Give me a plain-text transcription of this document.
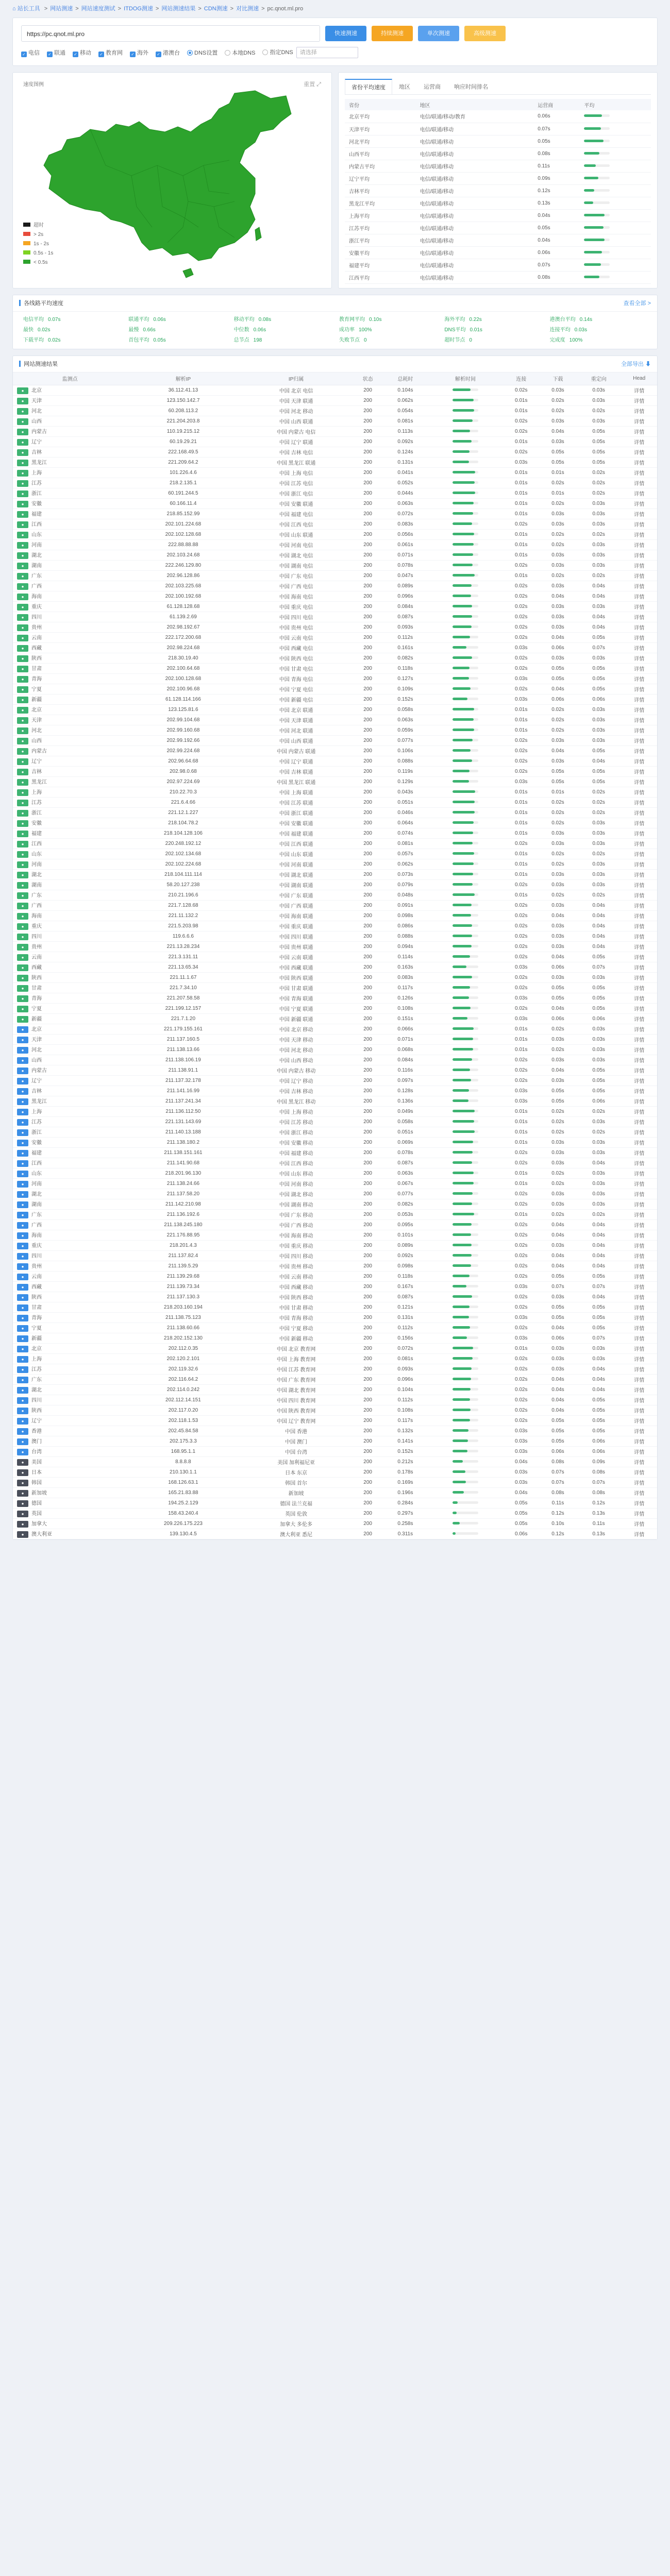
⌂ 站长工具 > 网站测速 > 网站速度测试 > ITDOG测速 > 网站测速结果 > CDN测速 > 对比测速 > pc.qnot.ml.pro
https://pc.qnot.ml.pro	快速测速	持续测速	单次测速	高级测速
✓ 电信 ✓ 联通 ✓ 移动 ✓ 教育网 ✓ 海外 ✓ 港澳台	DNS设置	本地DNS	指定DNS 请选择
速度图例	重置 ⤢
超时
> 2s
1s - 2s
0.5s - 1s
< 0.5s
省份平均速度	地区	运营商	响应时间排名
省份	地区	运营商	平均
北京平均	电信/联通/移动/教育	0.06s	

天津平均	电信/联通/移动	0.07s	

河北平均	电信/联通/移动	0.05s	

山西平均	电信/联通/移动	0.08s	

内蒙古平均	电信/联通/移动	0.11s	

辽宁平均	电信/联通/移动	0.09s	

吉林平均	电信/联通/移动	0.12s	

黑龙江平均	电信/联通/移动	0.13s	

上海平均	电信/联通/移动	0.04s	

江苏平均	电信/联通/移动	0.05s	

浙江平均	电信/联通/移动	0.04s	

安徽平均	电信/联通/移动	0.06s	

福建平均	电信/联通/移动	0.07s	

江西平均	电信/联通/移动	0.08s	
各线路平均速度	查看全部 >
电信平均 0.07s	联通平均 0.06s	移动平均 0.08s	教育网平均 0.10s	海外平均 0.22s	港澳台平均 0.14s
最快 0.02s	最慢 0.66s	中位数 0.06s	成功率 100%	DNS平均 0.01s	连接平均 0.03s
下载平均 0.02s	首包平均 0.05s	总节点 198	失败节点 0	超时节点 0	完成度 100%
网站测速结果	全部导出 ⬇
监测点	解析IP	IP归属	状态	总耗时	解析时间	连接	下载	重定向	Head
● 北京	36.112.41.13	中国 北京 电信	200	0.104s		0.02s	0.03s	0.03s	详情
● 天津	123.150.142.7	中国 天津 联通	200	0.062s		0.01s	0.02s	0.03s	详情
● 河北	60.208.113.2	中国 河北 移动	200	0.054s		0.01s	0.02s	0.02s	详情
● 山西	221.204.203.8	中国 山西 联通	200	0.081s		0.02s	0.03s	0.03s	详情
● 内蒙古	110.19.215.12	中国 内蒙古 电信	200	0.113s		0.02s	0.04s	0.05s	详情
● 辽宁	60.19.29.21	中国 辽宁 联通	200	0.092s		0.01s	0.03s	0.05s	详情
● 吉林	222.168.49.5	中国 吉林 电信	200	0.124s		0.02s	0.05s	0.05s	详情
● 黑龙江	221.209.64.2	中国 黑龙江 联通	200	0.131s		0.03s	0.05s	0.05s	详情
● 上海	101.226.4.6	中国 上海 电信	200	0.041s		0.01s	0.01s	0.02s	详情
● 江苏	218.2.135.1	中国 江苏 电信	200	0.052s		0.01s	0.02s	0.02s	详情
● 浙江	60.191.244.5	中国 浙江 电信	200	0.044s		0.01s	0.01s	0.02s	详情
● 安徽	60.166.11.4	中国 安徽 联通	200	0.063s		0.01s	0.02s	0.03s	详情
● 福建	218.85.152.99	中国 福建 电信	200	0.072s		0.01s	0.03s	0.03s	详情
● 江西	202.101.224.68	中国 江西 电信	200	0.083s		0.02s	0.03s	0.03s	详情
● 山东	202.102.128.68	中国 山东 联通	200	0.056s		0.01s	0.02s	0.02s	详情
● 河南	222.88.88.88	中国 河南 电信	200	0.061s		0.01s	0.02s	0.03s	详情
● 湖北	202.103.24.68	中国 湖北 电信	200	0.071s		0.01s	0.03s	0.03s	详情
● 湖南	222.246.129.80	中国 湖南 电信	200	0.078s		0.02s	0.03s	0.03s	详情
● 广东	202.96.128.86	中国 广东 电信	200	0.047s		0.01s	0.02s	0.02s	详情
● 广西	202.103.225.68	中国 广西 电信	200	0.089s		0.02s	0.03s	0.04s	详情
● 海南	202.100.192.68	中国 海南 电信	200	0.096s		0.02s	0.04s	0.04s	详情
● 重庆	61.128.128.68	中国 重庆 电信	200	0.084s		0.02s	0.03s	0.03s	详情
● 四川	61.139.2.69	中国 四川 电信	200	0.087s		0.02s	0.03s	0.04s	详情
● 贵州	202.98.192.67	中国 贵州 电信	200	0.093s		0.02s	0.03s	0.04s	详情
● 云南	222.172.200.68	中国 云南 电信	200	0.112s		0.02s	0.04s	0.05s	详情
● 西藏	202.98.224.68	中国 西藏 电信	200	0.161s		0.03s	0.06s	0.07s	详情
● 陕西	218.30.19.40	中国 陕西 电信	200	0.082s		0.02s	0.03s	0.03s	详情
● 甘肃	202.100.64.68	中国 甘肃 电信	200	0.118s		0.02s	0.05s	0.05s	详情
● 青海	202.100.128.68	中国 青海 电信	200	0.127s		0.03s	0.05s	0.05s	详情
● 宁夏	202.100.96.68	中国 宁夏 电信	200	0.109s		0.02s	0.04s	0.05s	详情
● 新疆	61.128.114.166	中国 新疆 电信	200	0.152s		0.03s	0.06s	0.06s	详情
● 北京	123.125.81.6	中国 北京 联通	200	0.058s		0.01s	0.02s	0.03s	详情
● 天津	202.99.104.68	中国 天津 联通	200	0.063s		0.01s	0.02s	0.03s	详情
● 河北	202.99.160.68	中国 河北 联通	200	0.059s		0.01s	0.02s	0.03s	详情
● 山西	202.99.192.66	中国 山西 联通	200	0.077s		0.02s	0.03s	0.03s	详情
● 内蒙古	202.99.224.68	中国 内蒙古 联通	200	0.106s		0.02s	0.04s	0.05s	详情
● 辽宁	202.96.64.68	中国 辽宁 联通	200	0.088s		0.02s	0.03s	0.04s	详情
● 吉林	202.98.0.68	中国 吉林 联通	200	0.119s		0.02s	0.05s	0.05s	详情
● 黑龙江	202.97.224.69	中国 黑龙江 联通	200	0.129s		0.03s	0.05s	0.05s	详情
● 上海	210.22.70.3	中国 上海 联通	200	0.043s		0.01s	0.01s	0.02s	详情
● 江苏	221.6.4.66	中国 江苏 联通	200	0.051s		0.01s	0.02s	0.02s	详情
● 浙江	221.12.1.227	中国 浙江 联通	200	0.046s		0.01s	0.02s	0.02s	详情
● 安徽	218.104.78.2	中国 安徽 联通	200	0.064s		0.01s	0.02s	0.03s	详情
● 福建	218.104.128.106	中国 福建 联通	200	0.074s		0.01s	0.03s	0.03s	详情
● 江西	220.248.192.12	中国 江西 联通	200	0.081s		0.02s	0.03s	0.03s	详情
● 山东	202.102.134.68	中国 山东 联通	200	0.057s		0.01s	0.02s	0.02s	详情
● 河南	202.102.224.68	中国 河南 联通	200	0.062s		0.01s	0.02s	0.03s	详情
● 湖北	218.104.111.114	中国 湖北 联通	200	0.073s		0.01s	0.03s	0.03s	详情
● 湖南	58.20.127.238	中国 湖南 联通	200	0.079s		0.02s	0.03s	0.03s	详情
● 广东	210.21.196.6	中国 广东 联通	200	0.048s		0.01s	0.02s	0.02s	详情
● 广西	221.7.128.68	中国 广西 联通	200	0.091s		0.02s	0.03s	0.04s	详情
● 海南	221.11.132.2	中国 海南 联通	200	0.098s		0.02s	0.04s	0.04s	详情
● 重庆	221.5.203.98	中国 重庆 联通	200	0.086s		0.02s	0.03s	0.04s	详情
● 四川	119.6.6.6	中国 四川 联通	200	0.088s		0.02s	0.03s	0.04s	详情
● 贵州	221.13.28.234	中国 贵州 联通	200	0.094s		0.02s	0.03s	0.04s	详情
● 云南	221.3.131.11	中国 云南 联通	200	0.114s		0.02s	0.04s	0.05s	详情
● 西藏	221.13.65.34	中国 西藏 联通	200	0.163s		0.03s	0.06s	0.07s	详情
● 陕西	221.11.1.67	中国 陕西 联通	200	0.083s		0.02s	0.03s	0.03s	详情
● 甘肃	221.7.34.10	中国 甘肃 联通	200	0.117s		0.02s	0.05s	0.05s	详情
● 青海	221.207.58.58	中国 青海 联通	200	0.126s		0.03s	0.05s	0.05s	详情
● 宁夏	221.199.12.157	中国 宁夏 联通	200	0.108s		0.02s	0.04s	0.05s	详情
● 新疆	221.7.1.20	中国 新疆 联通	200	0.151s		0.03s	0.06s	0.06s	详情
● 北京	221.179.155.161	中国 北京 移动	200	0.066s		0.01s	0.02s	0.03s	详情
● 天津	211.137.160.5	中国 天津 移动	200	0.071s		0.01s	0.03s	0.03s	详情
● 河北	211.138.13.66	中国 河北 移动	200	0.068s		0.01s	0.02s	0.03s	详情
● 山西	211.138.106.19	中国 山西 移动	200	0.084s		0.02s	0.03s	0.03s	详情
● 内蒙古	211.138.91.1	中国 内蒙古 移动	200	0.116s		0.02s	0.04s	0.05s	详情
● 辽宁	211.137.32.178	中国 辽宁 移动	200	0.097s		0.02s	0.03s	0.05s	详情
● 吉林	211.141.16.99	中国 吉林 移动	200	0.128s		0.03s	0.05s	0.05s	详情
● 黑龙江	211.137.241.34	中国 黑龙江 移动	200	0.136s		0.03s	0.05s	0.06s	详情
● 上海	211.136.112.50	中国 上海 移动	200	0.049s		0.01s	0.02s	0.02s	详情
● 江苏	221.131.143.69	中国 江苏 移动	200	0.058s		0.01s	0.02s	0.03s	详情
● 浙江	211.140.13.188	中国 浙江 移动	200	0.051s		0.01s	0.02s	0.02s	详情
● 安徽	211.138.180.2	中国 安徽 移动	200	0.069s		0.01s	0.03s	0.03s	详情
● 福建	211.138.151.161	中国 福建 移动	200	0.078s		0.02s	0.03s	0.03s	详情
● 江西	211.141.90.68	中国 江西 移动	200	0.087s		0.02s	0.03s	0.04s	详情
● 山东	218.201.96.130	中国 山东 移动	200	0.063s		0.01s	0.02s	0.03s	详情
● 河南	211.138.24.66	中国 河南 移动	200	0.067s		0.01s	0.02s	0.03s	详情
● 湖北	211.137.58.20	中国 湖北 移动	200	0.077s		0.02s	0.03s	0.03s	详情
● 湖南	211.142.210.98	中国 湖南 移动	200	0.082s		0.02s	0.03s	0.03s	详情
● 广东	211.136.192.6	中国 广东 移动	200	0.053s		0.01s	0.02s	0.02s	详情
● 广西	211.138.245.180	中国 广西 移动	200	0.095s		0.02s	0.04s	0.04s	详情
● 海南	221.176.88.95	中国 海南 移动	200	0.101s		0.02s	0.04s	0.04s	详情
● 重庆	218.201.4.3	中国 重庆 移动	200	0.089s		0.02s	0.03s	0.04s	详情
● 四川	211.137.82.4	中国 四川 移动	200	0.092s		0.02s	0.04s	0.04s	详情
● 贵州	211.139.5.29	中国 贵州 移动	200	0.098s		0.02s	0.04s	0.04s	详情
● 云南	211.139.29.68	中国 云南 移动	200	0.118s		0.02s	0.05s	0.05s	详情
● 西藏	211.139.73.34	中国 西藏 移动	200	0.167s		0.03s	0.07s	0.07s	详情
● 陕西	211.137.130.3	中国 陕西 移动	200	0.087s		0.02s	0.03s	0.04s	详情
● 甘肃	218.203.160.194	中国 甘肃 移动	200	0.121s		0.02s	0.05s	0.05s	详情
● 青海	211.138.75.123	中国 青海 移动	200	0.131s		0.03s	0.05s	0.05s	详情
● 宁夏	211.138.60.66	中国 宁夏 移动	200	0.112s		0.02s	0.04s	0.05s	详情
● 新疆	218.202.152.130	中国 新疆 移动	200	0.156s		0.03s	0.06s	0.07s	详情
● 北京	202.112.0.35	中国 北京 教育网	200	0.072s		0.01s	0.03s	0.03s	详情
● 上海	202.120.2.101	中国 上海 教育网	200	0.081s		0.02s	0.03s	0.03s	详情
● 江苏	202.119.32.6	中国 江苏 教育网	200	0.093s		0.02s	0.03s	0.04s	详情
● 广东	202.116.64.2	中国 广东 教育网	200	0.096s		0.02s	0.04s	0.04s	详情
● 湖北	202.114.0.242	中国 湖北 教育网	200	0.104s		0.02s	0.04s	0.04s	详情
● 四川	202.112.14.151	中国 四川 教育网	200	0.112s		0.02s	0.04s	0.05s	详情
● 陕西	202.117.0.20	中国 陕西 教育网	200	0.108s		0.02s	0.04s	0.05s	详情
● 辽宁	202.118.1.53	中国 辽宁 教育网	200	0.117s		0.02s	0.05s	0.05s	详情
● 香港	202.45.84.58	中国 香港	200	0.132s		0.03s	0.05s	0.05s	详情
● 澳门	202.175.3.3	中国 澳门	200	0.141s		0.03s	0.05s	0.06s	详情
● 台湾	168.95.1.1	中国 台湾	200	0.152s		0.03s	0.06s	0.06s	详情
● 美国	8.8.8.8	美国 加利福尼亚	200	0.212s		0.04s	0.08s	0.09s	详情
● 日本	210.130.1.1	日本 东京	200	0.178s		0.03s	0.07s	0.08s	详情
● 韩国	168.126.63.1	韩国 首尔	200	0.169s		0.03s	0.07s	0.07s	详情
● 新加坡	165.21.83.88	新加坡	200	0.196s		0.04s	0.08s	0.08s	详情
● 德国	194.25.2.129	德国 法兰克福	200	0.284s		0.05s	0.11s	0.12s	详情
● 英国	158.43.240.4	英国 伦敦	200	0.297s		0.05s	0.12s	0.13s	详情
● 加拿大	209.226.175.223	加拿大 多伦多	200	0.258s		0.05s	0.10s	0.11s	详情
● 澳大利亚	139.130.4.5	澳大利亚 悉尼	200	0.311s		0.06s	0.12s	0.13s	详情
